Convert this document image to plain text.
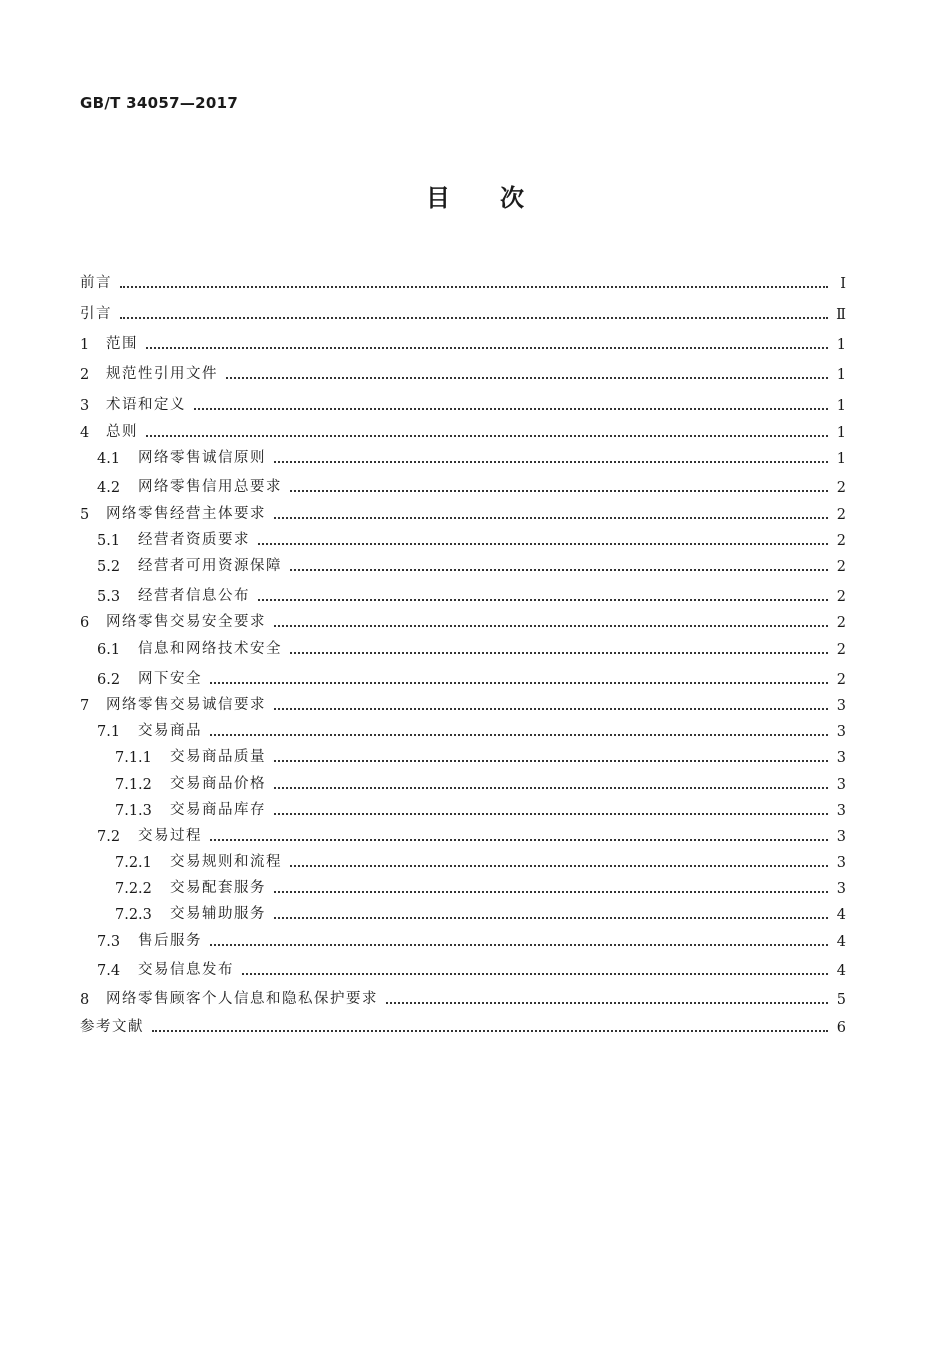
GB/T 34057—2017
目次
前言	Ⅰ
引言	Ⅱ
1	范围	1
2	规范性引用文件	1
3	术语和定义	1
4	总则	1
4.1	网络零售诚信原则	1
4.2	网络零售信用总要求	2
5	网络零售经营主体要求	2
5.1	经营者资质要求	2
5.2	经营者可用资源保障	2
5.3	经营者信息公布	2
6	网络零售交易安全要求	2
6.1	信息和网络技术安全	2
6.2	网下安全	2
7	网络零售交易诚信要求	3
7.1	交易商品	3
7.1.1	交易商品质量	3
7.1.2	交易商品价格	3
7.1.3	交易商品库存	3
7.2	交易过程	3
7.2.1	交易规则和流程	3
7.2.2	交易配套服务	3
7.2.3	交易辅助服务	4
7.3	售后服务	4
7.4	交易信息发布	4
8	网络零售顾客个人信息和隐私保护要求	5
参考文献	6
